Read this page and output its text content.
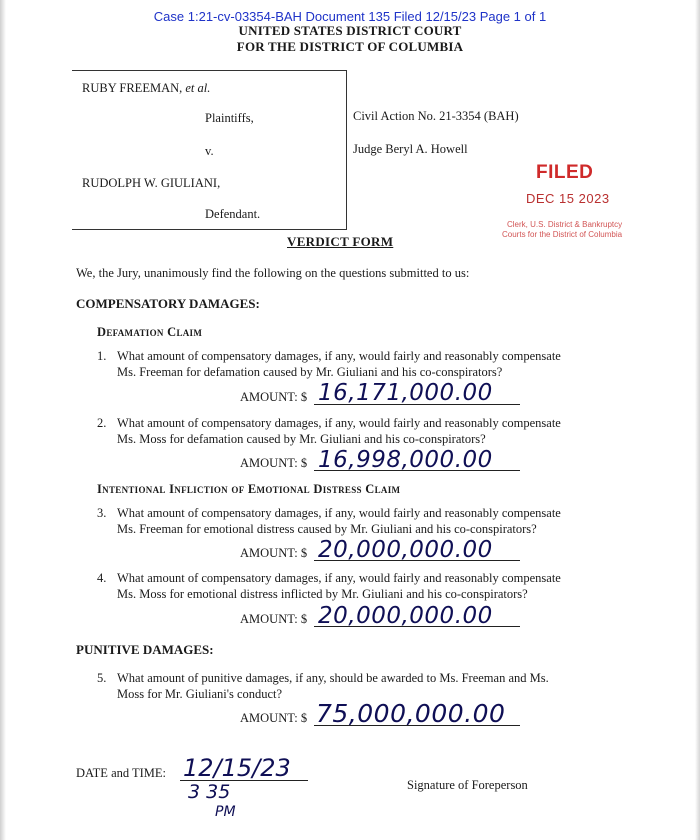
Case 1:21-cv-03354-BAH Document 135 Filed 12/15/23 Page 1 of 1
UNITED STATES DISTRICT COURT
FOR THE DISTRICT OF COLUMBIA
RUBY FREEMAN, et al.
Plaintiffs,
v.
RUDOLPH W. GIULIANI,
Defendant.
Civil Action No. 21-3354 (BAH)
Judge Beryl A. Howell
FILED
DEC 15 2023
Clerk, U.S. District & Bankruptcy
Courts for the District of Columbia
VERDICT FORM
We, the Jury, unanimously find the following on the questions submitted to us:
COMPENSATORY DAMAGES:
Defamation Claim
1. What amount of compensatory damages, if any, would fairly and reasonably compensate
Ms. Freeman for defamation caused by Mr. Giuliani and his co-conspirators?
AMOUNT: $ 16,171,000.00
2. What amount of compensatory damages, if any, would fairly and reasonably compensate
Ms. Moss for defamation caused by Mr. Giuliani and his co-conspirators?
AMOUNT: $ 16,998,000.00
Intentional Infliction of Emotional Distress Claim
3. What amount of compensatory damages, if any, would fairly and reasonably compensate
Ms. Freeman for emotional distress caused by Mr. Giuliani and his co-conspirators?
AMOUNT: $ 20,000,000.00
4. What amount of compensatory damages, if any, would fairly and reasonably compensate
Ms. Moss for emotional distress inflicted by Mr. Giuliani and his co-conspirators?
AMOUNT: $ 20,000,000.00
PUNITIVE DAMAGES:
5. What amount of punitive damages, if any, should be awarded to Ms. Freeman and Ms.
Moss for Mr. Giuliani's conduct?
AMOUNT: $ 75,000,000.00
DATE and TIME: 12/15/23
3 35
PM
Signature of Foreperson
